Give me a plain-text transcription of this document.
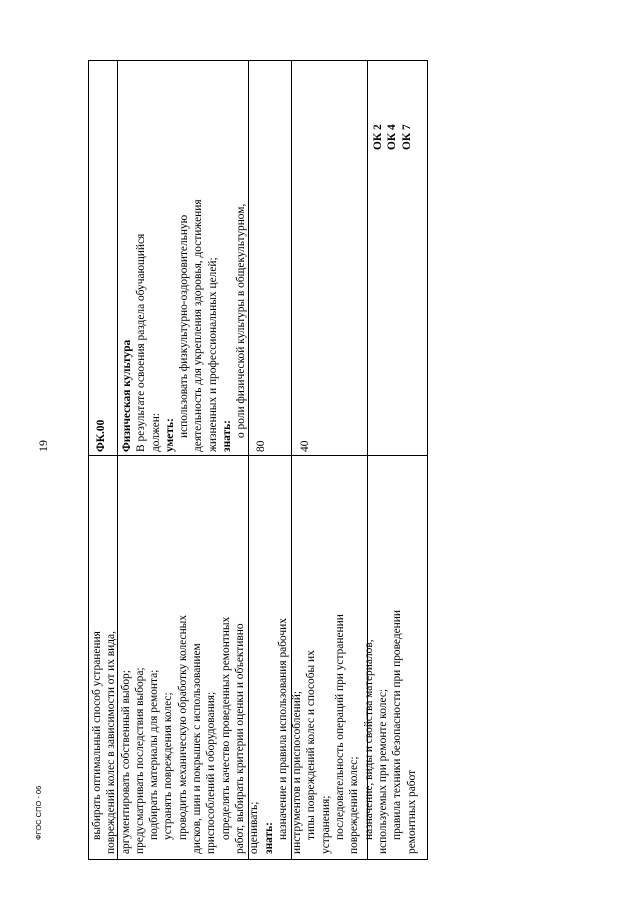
19
выбирать оптимальный способ устранения повреждений колес в зависимости от их вида, аргументировать собственный выбор; предусматривать последствия выбора; подбирать материалы для ремонта; устранять повреждения колес; проводить механическую обработку колесных дисков, шин и покрышек с использованием приспособлений и оборудования; определять качество проведенных ремонтных работ, выбирать критерии оценки и объективно оценивать; знать: назначение и правила использования рабочих инструментов и приспособлений; типы повреждений колес и способы их устранения; последовательность операций при устранении повреждений колес; назначение, виды и свойства материалов, используемых при ремонте колес; правила техники безопасности при проведении ремонтных работ
ОК 2 ОК 4 ОК 7
ФК.00 Физическая культура В результате освоения раздела обучающийся должен: уметь: использовать физкультурно-оздоровительную деятельность для укрепления здоровья, достижения жизненных и профессиональных целей; знать: о роли физической культуры в общекультурном,
80	40
ФГОС СПО - 06
